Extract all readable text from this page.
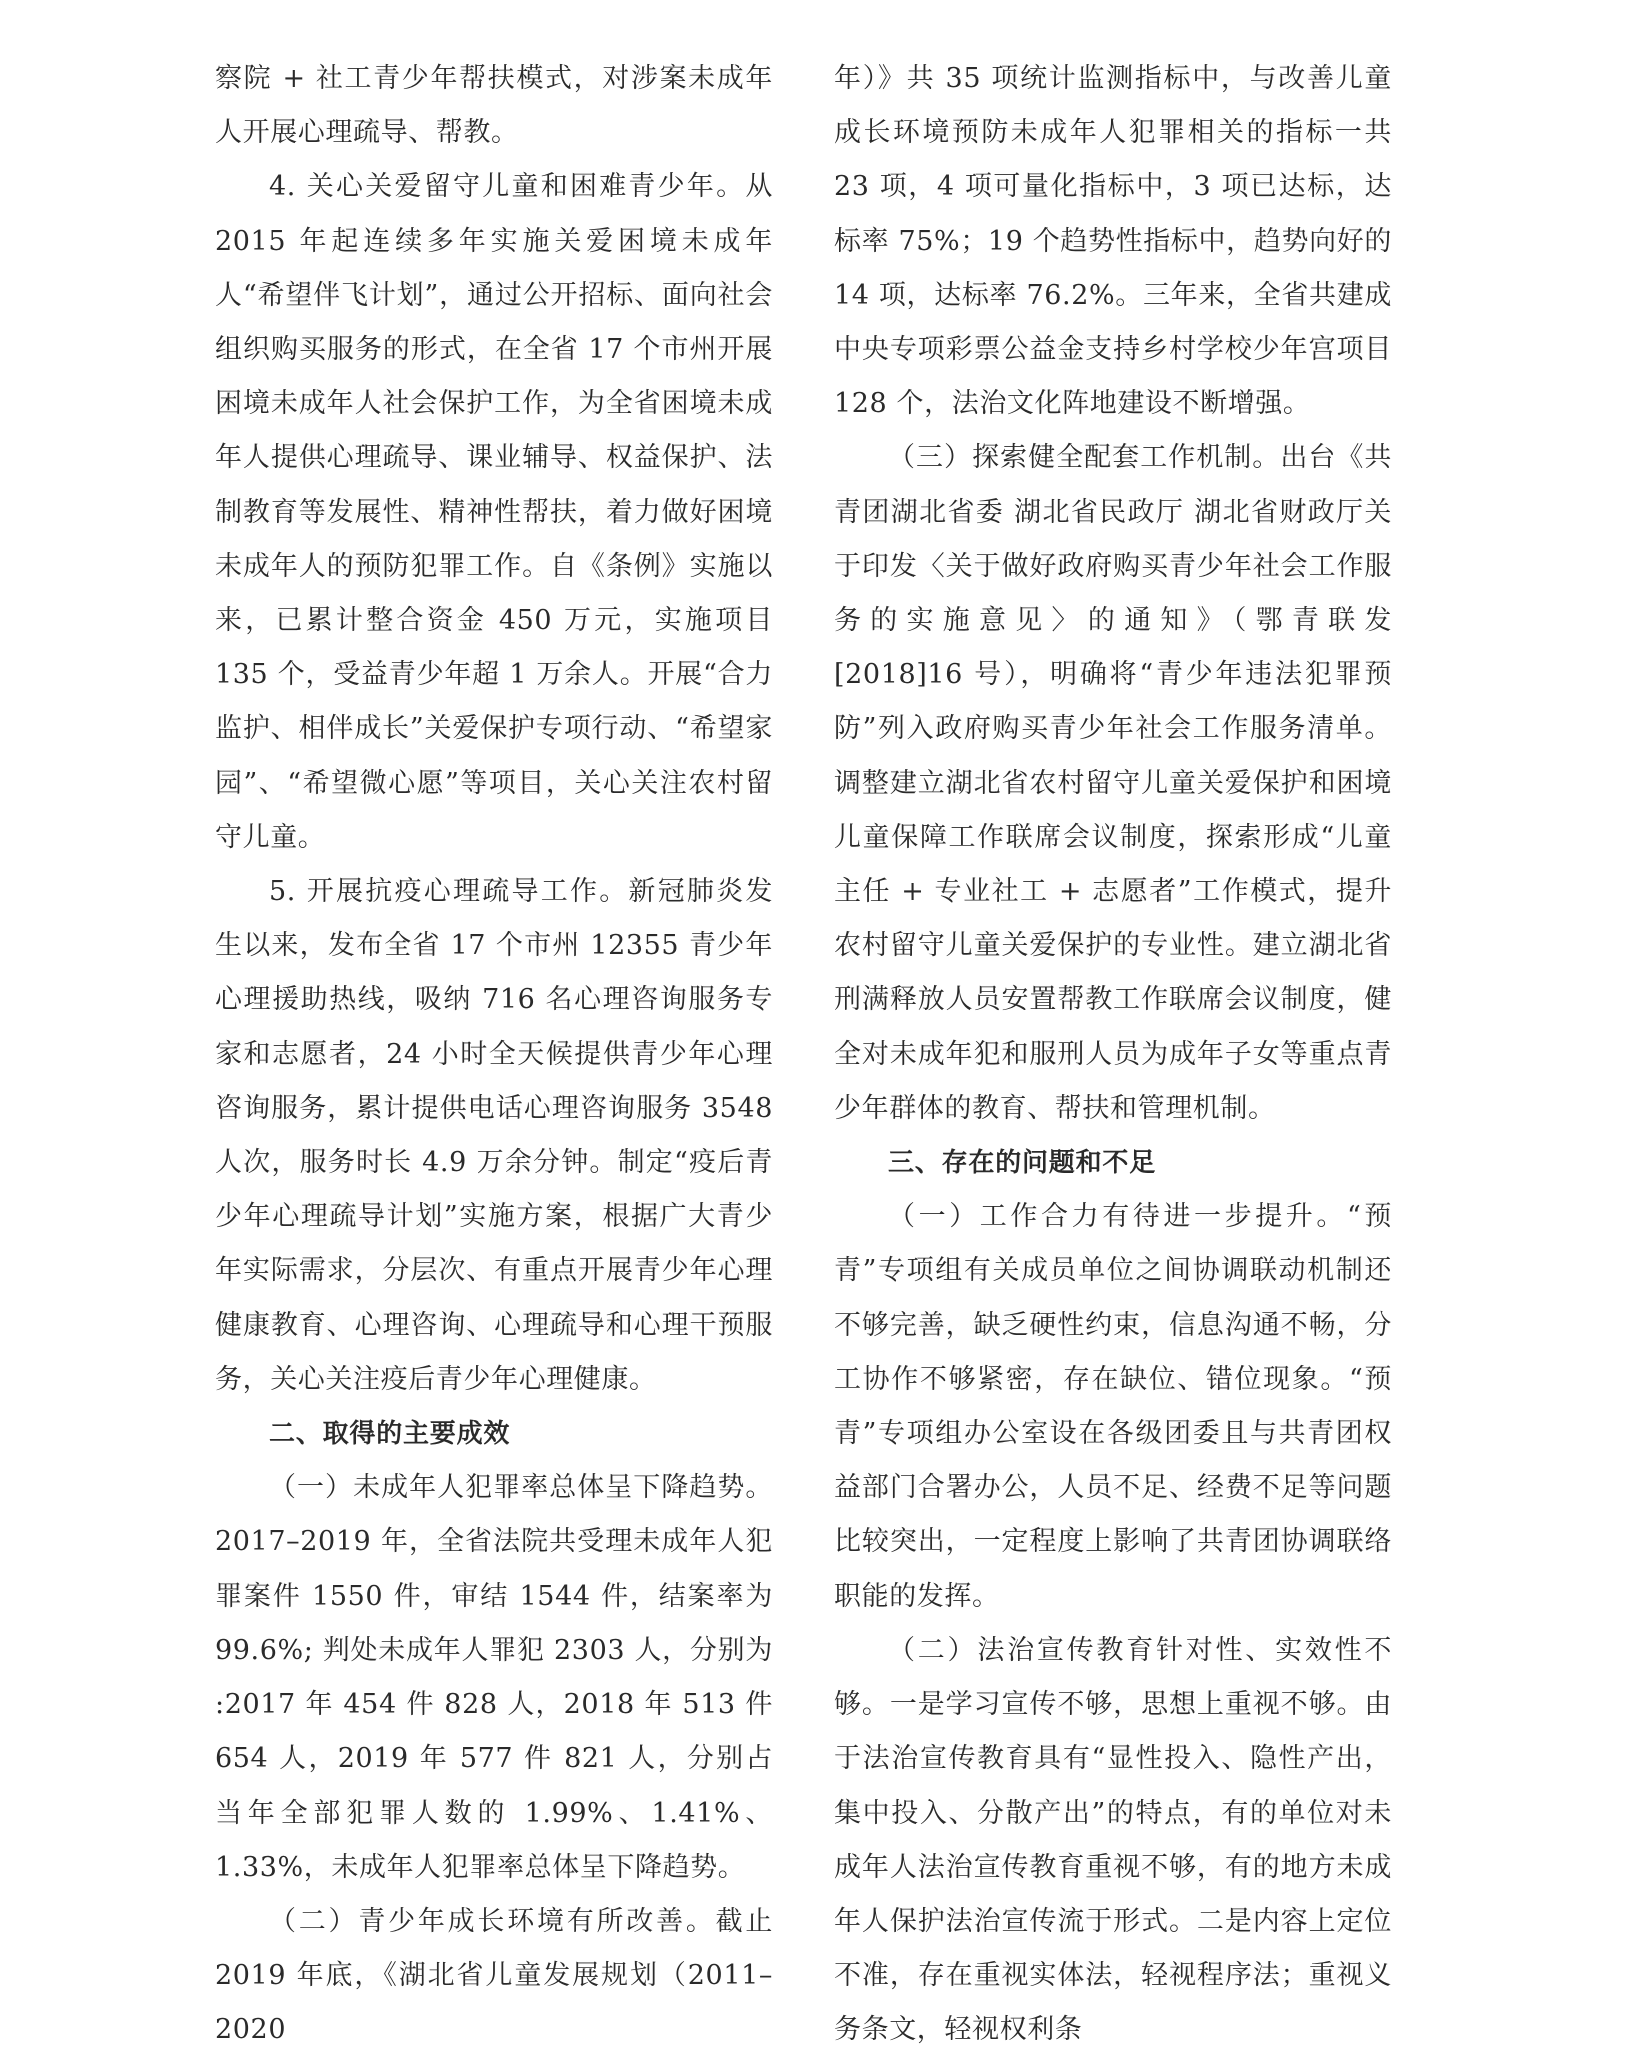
察院 + 社工青少年帮扶模式，对涉案未成年人开展心理疏导、帮教。

4. 关心关爱留守儿童和困难青少年。从 2015 年起连续多年实施关爱困境未成年人“希望伴飞计划”，通过公开招标、面向社会组织购买服务的形式，在全省 17 个市州开展困境未成年人社会保护工作，为全省困境未成年人提供心理疏导、课业辅导、权益保护、法制教育等发展性、精神性帮扶，着力做好困境未成年人的预防犯罪工作。自《条例》实施以来，已累计整合资金 450 万元，实施项目 135 个，受益青少年超 1 万余人。开展“合力监护、相伴成长”关爱保护专项行动、“希望家园”、“希望微心愿”等项目，关心关注农村留守儿童。

5. 开展抗疫心理疏导工作。新冠肺炎发生以来，发布全省 17 个市州 12355 青少年心理援助热线，吸纳 716 名心理咨询服务专家和志愿者，24 小时全天候提供青少年心理咨询服务，累计提供电话心理咨询服务 3548 人次，服务时长 4.9 万余分钟。制定“疫后青少年心理疏导计划”实施方案，根据广大青少年实际需求，分层次、有重点开展青少年心理健康教育、心理咨询、心理疏导和心理干预服务，关心关注疫后青少年心理健康。

二、取得的主要成效

（一）未成年人犯罪率总体呈下降趋势。2017–2019 年，全省法院共受理未成年人犯罪案件 1550 件，审结 1544 件，结案率为 99.6%; 判处未成年人罪犯 2303 人，分别为 :2017 年 454 件 828 人，2018 年 513 件 654 人，2019 年 577 件 821 人，分别占当年全部犯罪人数的 1.99%、1.41%、1.33%，未成年人犯罪率总体呈下降趋势。

（二）青少年成长环境有所改善。截止 2019 年底，《湖北省儿童发展规划（2011–2020

年）》共 35 项统计监测指标中，与改善儿童成长环境预防未成年人犯罪相关的指标一共 23 项，4 项可量化指标中，3 项已达标，达标率 75%；19 个趋势性指标中，趋势向好的 14 项，达标率 76.2%。三年来，全省共建成中央专项彩票公益金支持乡村学校少年宫项目 128 个，法治文化阵地建设不断增强。

（三）探索健全配套工作机制。出台《共青团湖北省委 湖北省民政厅 湖北省财政厅关于印发〈关于做好政府购买青少年社会工作服务的实施意见〉的通知》（鄂青联发 [2018]16 号），明确将“青少年违法犯罪预防”列入政府购买青少年社会工作服务清单。调整建立湖北省农村留守儿童关爱保护和困境儿童保障工作联席会议制度，探索形成“儿童主任 + 专业社工 + 志愿者”工作模式，提升农村留守儿童关爱保护的专业性。建立湖北省刑满释放人员安置帮教工作联席会议制度，健全对未成年犯和服刑人员为成年子女等重点青少年群体的教育、帮扶和管理机制。

三、存在的问题和不足

（一）工作合力有待进一步提升。“预青”专项组有关成员单位之间协调联动机制还不够完善，缺乏硬性约束，信息沟通不畅，分工协作不够紧密，存在缺位、错位现象。“预青”专项组办公室设在各级团委且与共青团权益部门合署办公，人员不足、经费不足等问题比较突出，一定程度上影响了共青团协调联络职能的发挥。

（二）法治宣传教育针对性、实效性不够。一是学习宣传不够，思想上重视不够。由于法治宣传教育具有“显性投入、隐性产出，集中投入、分散产出”的特点，有的单位对未成年人法治宣传教育重视不够，有的地方未成年人保护法治宣传流于形式。二是内容上定位不准，存在重视实体法，轻视程序法；重视义务条文，轻视权利条
